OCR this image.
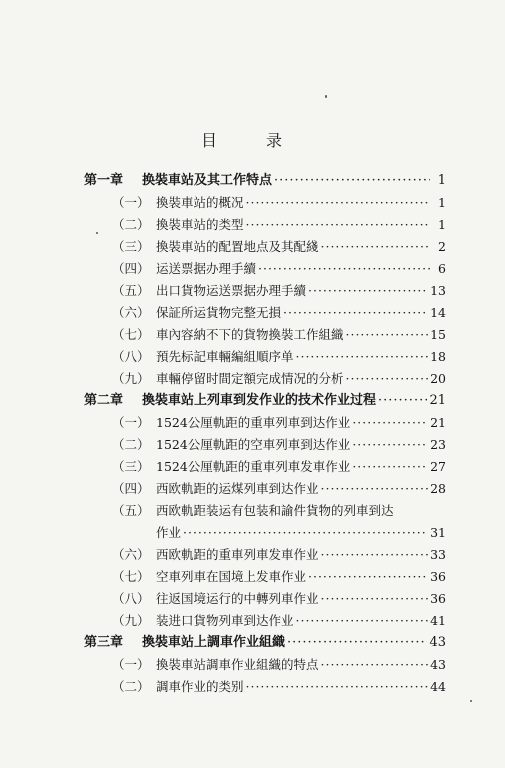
目 录
第一章	换裝車站及其工作特点 ·····	1
（一） 換裝車站的概况 ·····	1
（二） 換裝車站的类型 ·····	1
（三） 換裝車站的配置地点及其配綫 ·····	2
（四） 运送票据办理手續 ·····	6
（五） 出口貨物运送票据办理手續 ·····	13
（六） 保証所运貨物完整无損 ·····	14
（七） 車內容納不下的貨物換裝工作組織 ·····	15
（八） 預先标記車輛編組順序单 ·····	18
（九） 車輛停留时間定額完成情况的分析 ·····	20
第二章	換裝車站上列車到发作业的技术作业过程 ·····	21
（一） 1524公厘軌距的重車列車到达作业 ·····	21
（二） 1524公厘軌距的空車列車到达作业 ·····	23
（三） 1524公厘軌距的重車列車发車作业 ·····	27
（四） 西欧軌距的运煤列車到达作业 ·····	28
（五） 西欧軌距装运有包装和諭件貨物的列車到达
作业 ·····	31
（六） 西欧軌距的重車列車发車作业 ·····	33
（七） 空車列車在国境上发車作业 ·····	36
（八） 往返国境运行的中轉列車作业 ·····	36
（九） 装进口貨物列車到达作业 ·····	41
第三章	換裝車站上調車作业組織 ·····	43
（一） 換裝車站調車作业組織的特点 ·····	43
（二） 調車作业的类别 ·····	44
